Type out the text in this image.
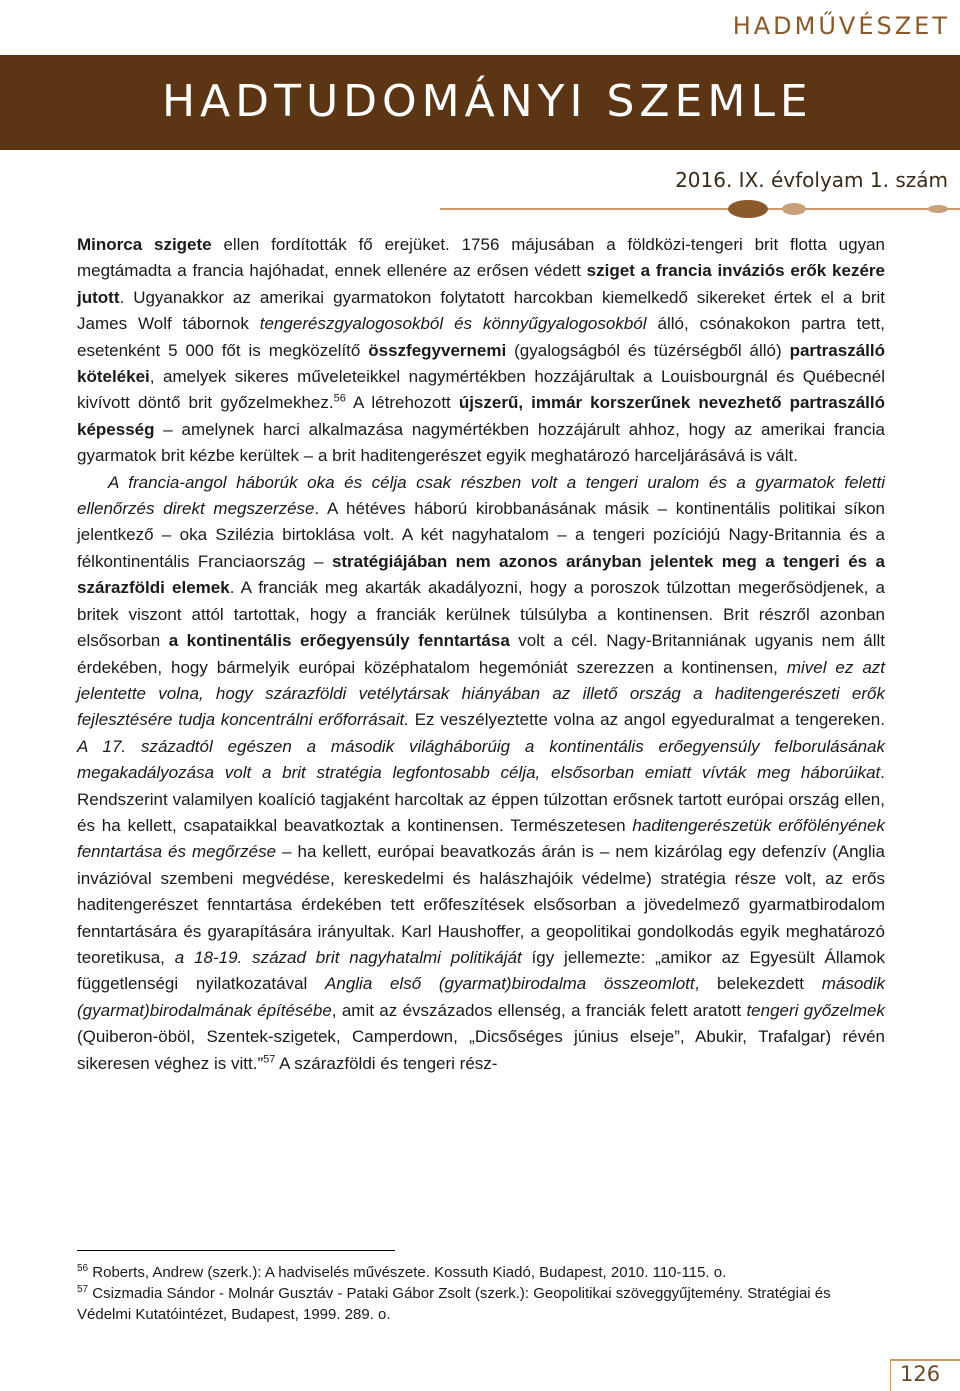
HADMŰVÉSZET
HADTUDOMÁNYI SZEMLE
2016. IX. évfolyam 1. szám

Minorca szigete ellen fordították fő erejüket. 1756 májusában a földközi-tengeri brit flotta ugyan megtámadta a francia hajóhadat, ennek ellenére az erősen védett sziget a francia inváziós erők kezére jutott. Ugyanakkor az amerikai gyarmatokon folytatott harcokban kiemelkedő sikereket értek el a brit James Wolf tábornok tengerészgyalogosokból és könnyűgyalogosokból álló, csónakokon partra tett, esetenként 5 000 főt is megközelítő összfegyvernemi (gyalogságból és tüzérségből álló) partraszálló kötelékei, amelyek sikeres műveleteikkel nagymértékben hozzájárultak a Louisbourgnál és Québecnél kivívott döntő brit győzelmekhez.$^{56}$ A létrehozott újszerű, immár korszerűnek nevezhető partraszálló képesség – amelynek harci alkalmazása nagymértékben hozzájárult ahhoz, hogy az amerikai francia gyarmatok brit kézbe kerültek – a brit haditengerészet egyik meghatározó harceljárásává is vált.

A francia-angol háborúk oka és célja csak részben volt a tengeri uralom és a gyarmatok feletti ellenőrzés direkt megszerzése. A hétéves háború kirobbanásának másik – kontinentális politikai síkon jelentkező – oka Szilézia birtoklása volt. A két nagyhatalom – a tengeri pozíciójú Nagy-Britannia és a félkontinentális Franciaország – stratégiájában nem azonos arányban jelentek meg a tengeri és a szárazföldi elemek. A franciák meg akarták akadályozni, hogy a poroszok túlzottan megerősödjenek, a britek viszont attól tartottak, hogy a franciák kerülnek túlsúlyba a kontinensen. Brit részről azonban elsősorban a kontinentális erőegyensúly fenntartása volt a cél. Nagy-Britanniának ugyanis nem állt érdekében, hogy bármelyik európai középhatalom hegemóniát szerezzen a kontinensen, mivel ez azt jelentette volna, hogy szárazföldi vetélytársak hiányában az illető ország a haditengerészeti erők fejlesztésére tudja koncentrálni erőforrásait. Ez veszélyeztette volna az angol egyeduralmat a tengereken. A 17. századtól egészen a második világháborúig a kontinentális erőegyensúly felborulásának megakadályozása volt a brit stratégia legfontosabb célja, elsősorban emiatt vívták meg háborúikat. Rendszerint valamilyen koalíció tagjaként harcoltak az éppen túlzottan erősnek tartott európai ország ellen, és ha kellett, csapataikkal beavatkoztak a kontinensen. Természetesen haditengerészetük erőfölényének fenntartása és megőrzése – ha kellett, európai beavatkozás árán is – nem kizárólag egy defenzív (Anglia invázióval szembeni megvédése, kereskedelmi és halászhajóik védelme) stratégia része volt, az erős haditengerészet fenntartása érdekében tett erőfeszítések elsősorban a jövedelmező gyarmatbirodalom fenntartására és gyarapítására irányultak. Karl Haushoffer, a geopolitikai gondolkodás egyik meghatározó teoretikusa, a 18-19. század brit nagyhatalmi politikáját így jellemezte: „amikor az Egyesült Államok függetlenségi nyilatkozatával Anglia első (gyarmat)birodalma összeomlott, belekezdett második (gyarmat)birodalmának építésébe, amit az évszázados ellenség, a franciák felett aratott tengeri győzelmek (Quiberon-öböl, Szentek-szigetek, Camperdown, „Dicsőséges június elseje”, Abukir, Trafalgar) révén sikeresen véghez is vitt.”$^{57}$ A szárazföldi és tengeri rész-

$^{56}$ Roberts, Andrew (szerk.): A hadviselés művészete. Kossuth Kiadó, Budapest, 2010. 110-115. o.

$^{57}$ Csizmadia Sándor - Molnár Gusztáv - Pataki Gábor Zsolt (szerk.): Geopolitikai szöveggyűjtemény. Stratégiai és Védelmi Kutatóintézet, Budapest, 1999. 289. o.

126
